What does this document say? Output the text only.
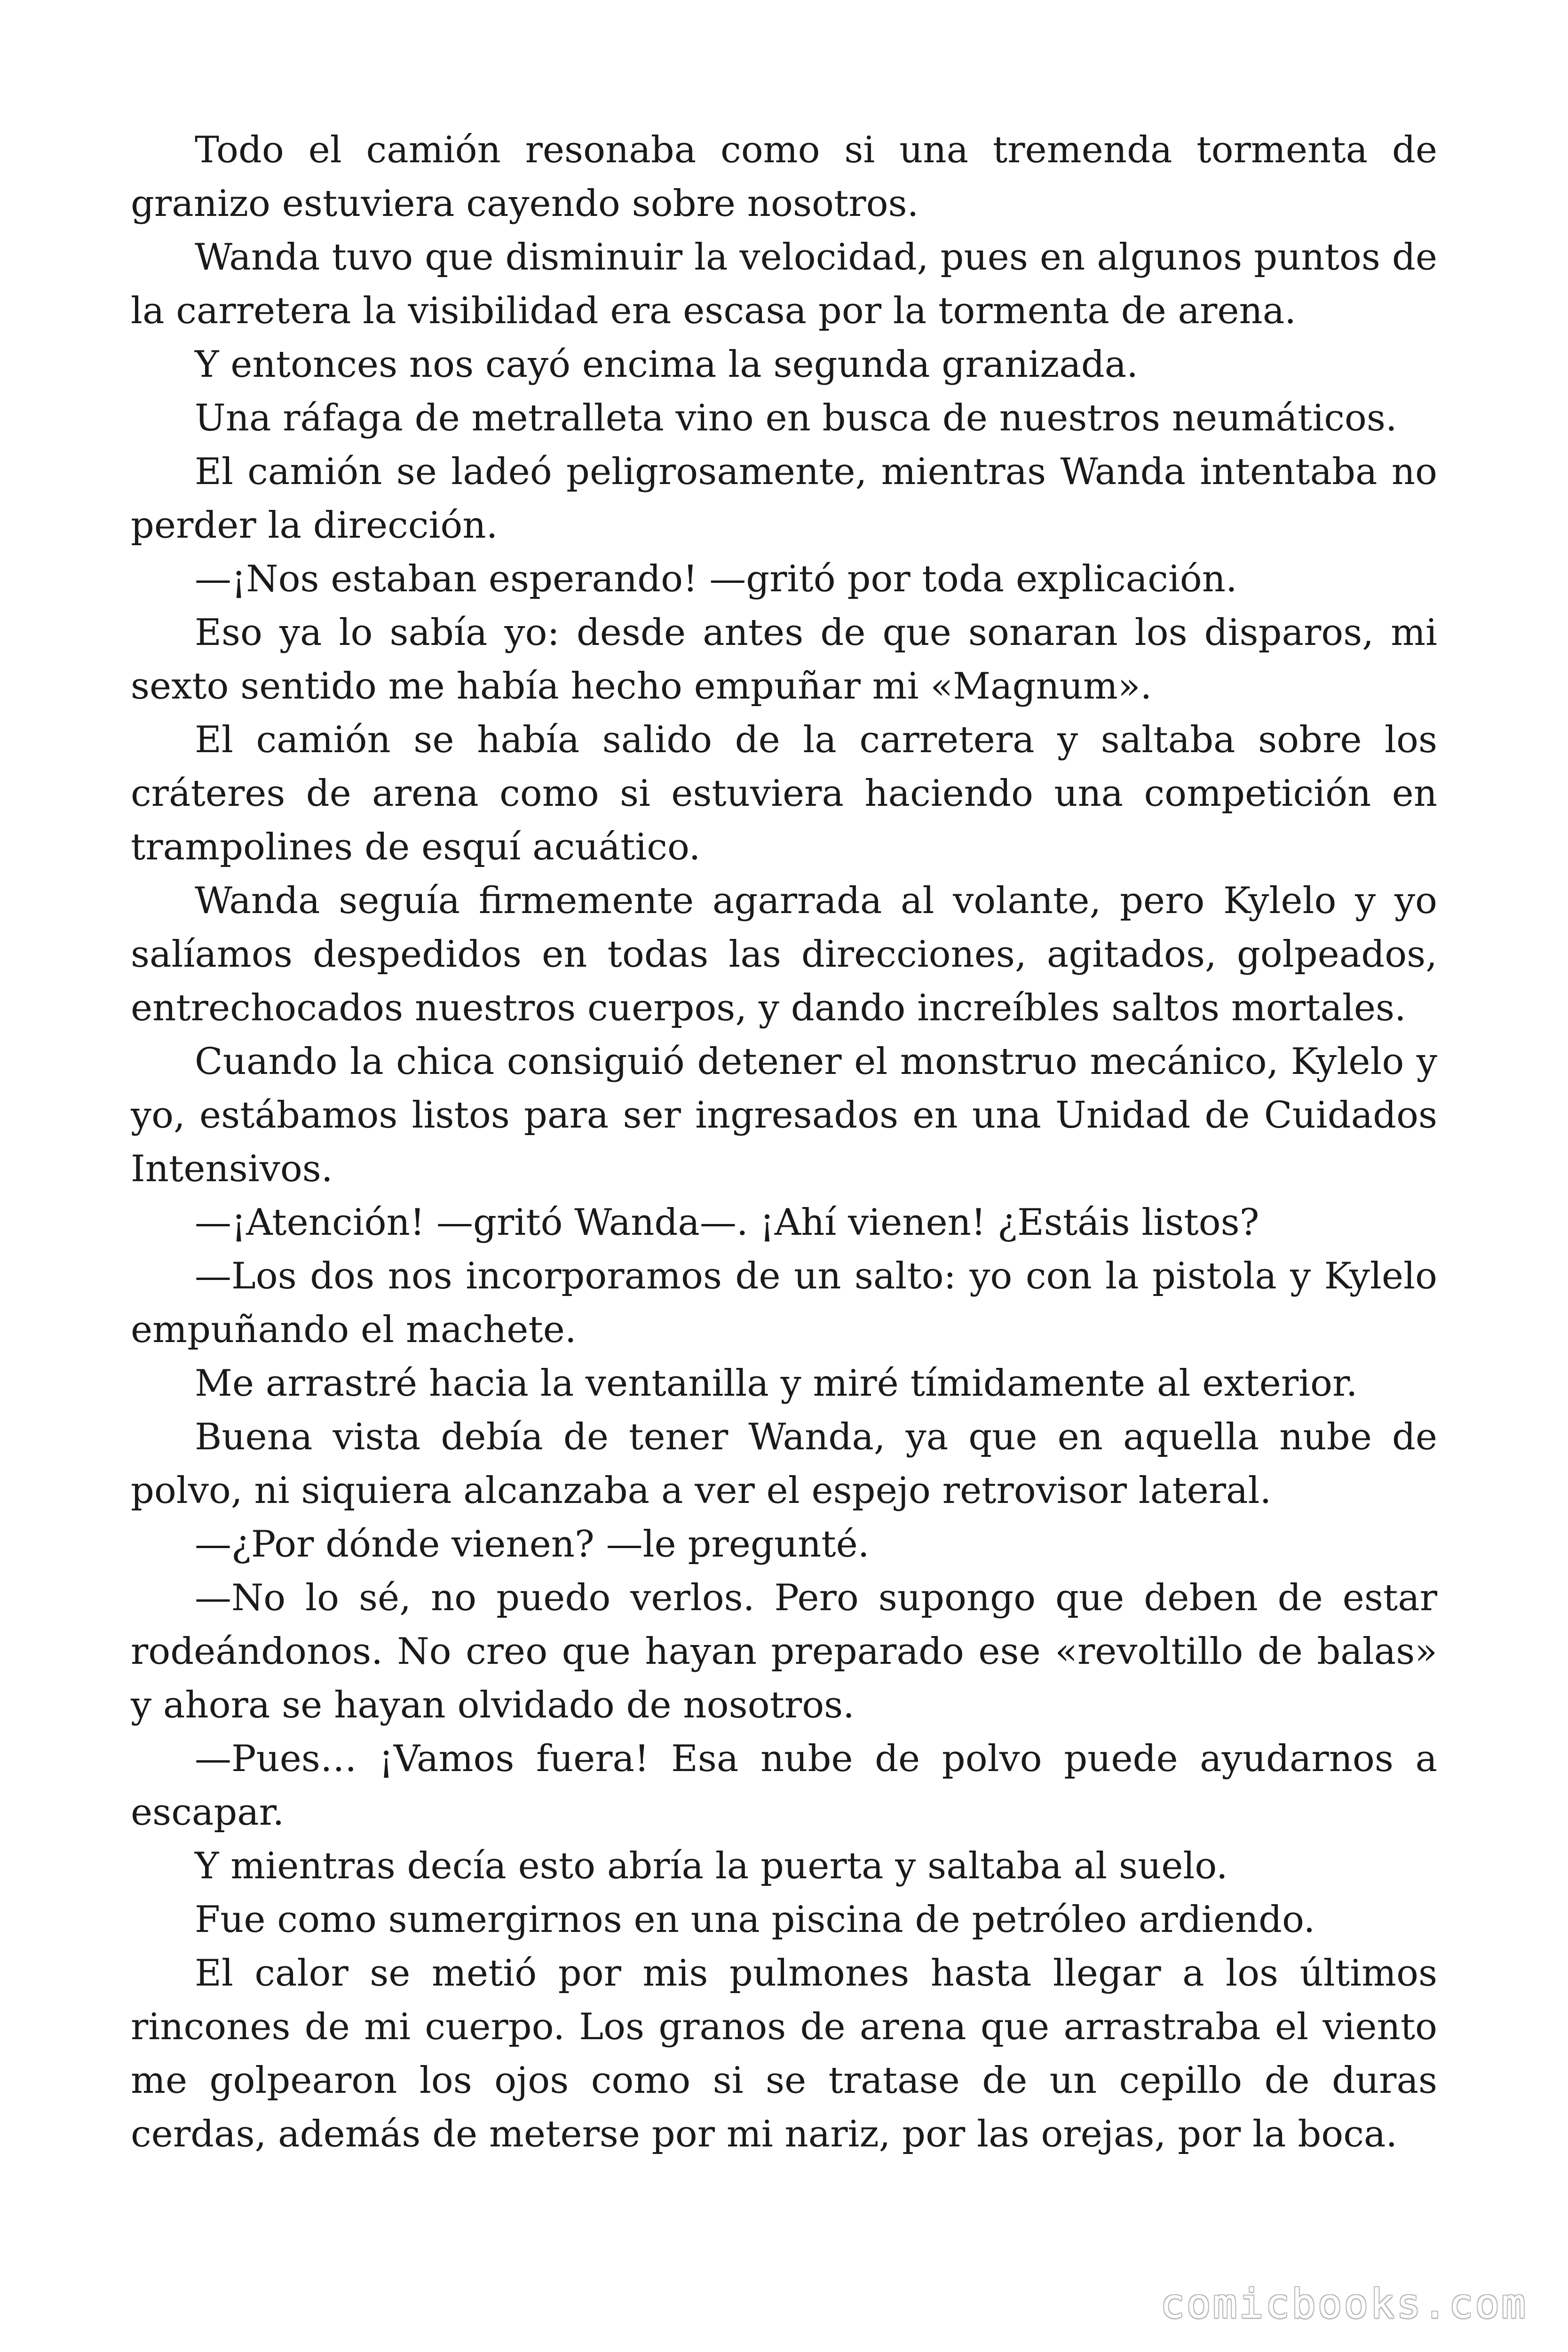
Todo el camión resonaba como si una tremenda tormenta de granizo estuviera cayendo sobre nosotros.

Wanda tuvo que disminuir la velocidad, pues en algunos puntos de la carretera la visibilidad era escasa por la tormenta de arena.

Y entonces nos cayó encima la segunda granizada.

Una ráfaga de metralleta vino en busca de nuestros neumáticos.

El camión se ladeó peligrosamente, mientras Wanda intentaba no perder la dirección.

—¡Nos estaban esperando! —gritó por toda explicación.

Eso ya lo sabía yo: desde antes de que sonaran los disparos, mi sexto sentido me había hecho empuñar mi «Magnum».

El camión se había salido de la carretera y saltaba sobre los cráteres de arena como si estuviera haciendo una competición en trampolines de esquí acuático.

Wanda seguía firmemente agarrada al volante, pero Kylelo y yo salíamos despedidos en todas las direcciones, agitados, golpeados, entrechocados nuestros cuerpos, y dando increíbles saltos mortales.

Cuando la chica consiguió detener el monstruo mecánico, Kylelo y yo, estábamos listos para ser ingresados en una Unidad de Cuidados Intensivos.

—¡Atención! —gritó Wanda—. ¡Ahí vienen! ¿Estáis listos?

—Los dos nos incorporamos de un salto: yo con la pistola y Kylelo empuñando el machete.

Me arrastré hacia la ventanilla y miré tímidamente al exterior.

Buena vista debía de tener Wanda, ya que en aquella nube de polvo, ni siquiera alcanzaba a ver el espejo retrovisor lateral.

—¿Por dónde vienen? —le pregunté.

—No lo sé, no puedo verlos. Pero supongo que deben de estar rodeándonos. No creo que hayan preparado ese «revoltillo de balas» y ahora se hayan olvidado de nosotros.

—Pues… ¡Vamos fuera! Esa nube de polvo puede ayudarnos a escapar.

Y mientras decía esto abría la puerta y saltaba al suelo.

Fue como sumergirnos en una piscina de petróleo ardiendo.

El calor se metió por mis pulmones hasta llegar a los últimos rincones de mi cuerpo. Los granos de arena que arrastraba el viento me golpearon los ojos como si se tratase de un cepillo de duras cerdas, además de meterse por mi nariz, por las orejas, por la boca.

comicbooks.com
